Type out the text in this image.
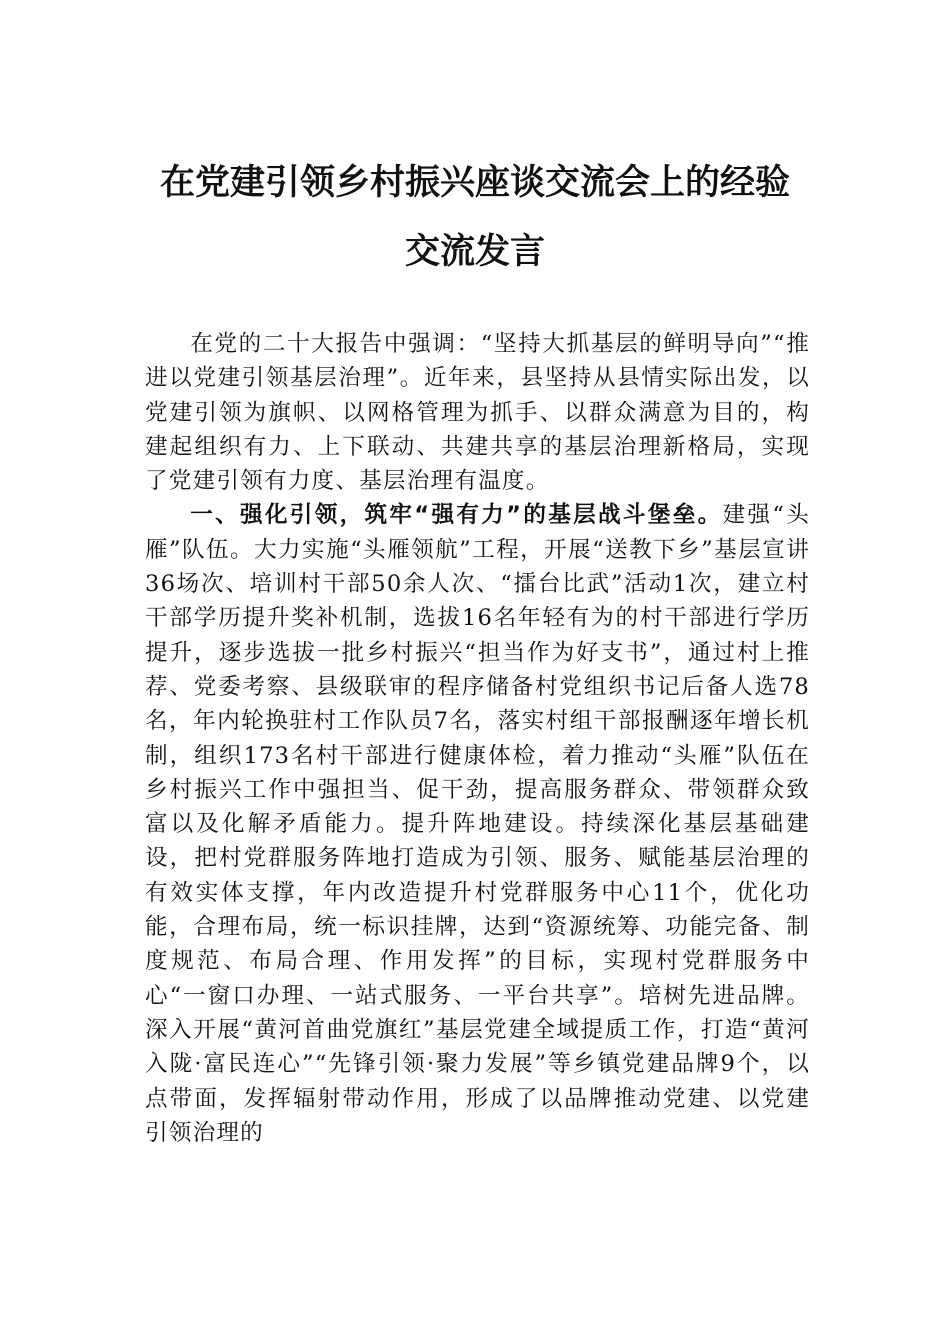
在党建引领乡村振兴座谈交流会上的经验
交流发言

在党的二十大报告中强调：“坚持大抓基层的鲜明导向”“推进以党建引领基层治理”。近年来，县坚持从县情实际出发，以党建引领为旗帜、以网格管理为抓手、以群众满意为目的，构建起组织有力、上下联动、共建共享的基层治理新格局，实现了党建引领有力度、基层治理有温度。

一、强化引领，筑牢“强有力”的基层战斗堡垒。建强“头雁”队伍。大力实施“头雁领航”工程，开展“送教下乡”基层宣讲36场次、培训村干部50余人次、“擂台比武”活动1次，建立村干部学历提升奖补机制，选拔16名年轻有为的村干部进行学历提升，逐步选拔一批乡村振兴“担当作为好支书”，通过村上推荐、党委考察、县级联审的程序储备村党组织书记后备人选78名，年内轮换驻村工作队员7名，落实村组干部报酬逐年增长机制，组织173名村干部进行健康体检，着力推动“头雁”队伍在乡村振兴工作中强担当、促干劲，提高服务群众、带领群众致富以及化解矛盾能力。提升阵地建设。持续深化基层基础建设，把村党群服务阵地打造成为引领、服务、赋能基层治理的有效实体支撑，年内改造提升村党群服务中心11个，优化功能，合理布局，统一标识挂牌，达到“资源统筹、功能完备、制度规范、布局合理、作用发挥”的目标，实现村党群服务中心“一窗口办理、一站式服务、一平台共享”。培树先进品牌。深入开展“黄河首曲党旗红”基层党建全域提质工作，打造“黄河入陇·富民连心”“先锋引领·聚力发展”等乡镇党建品牌9个，以点带面，发挥辐射带动作用，形成了以品牌推动党建、以党建引领治理的
